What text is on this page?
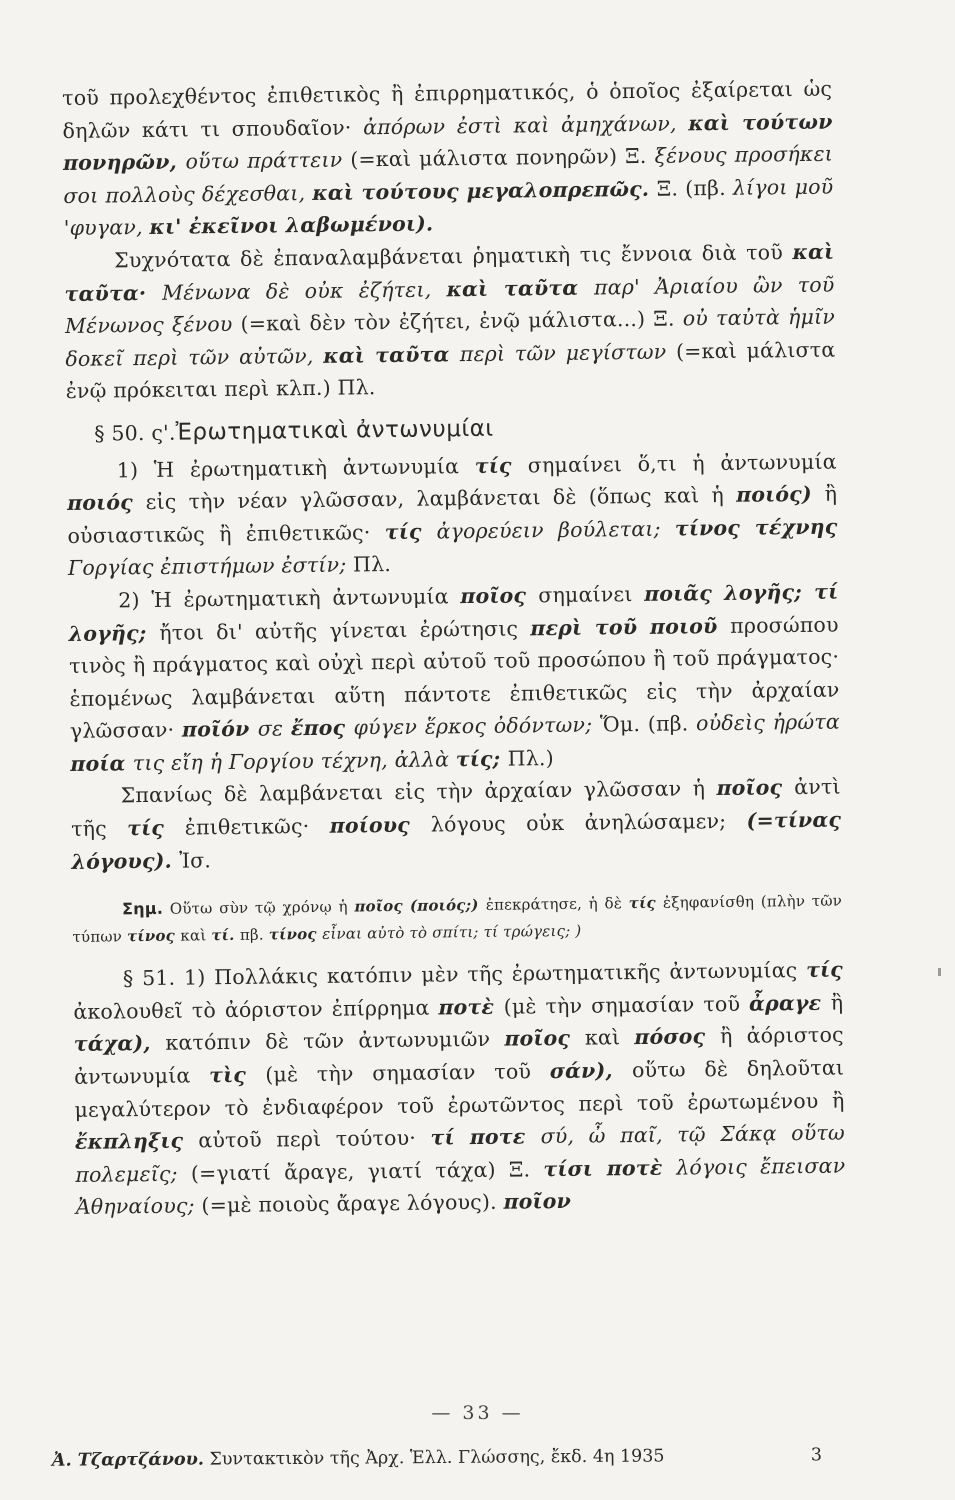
τοῦ προλεχθέντος ἐπιθετικὸς ἢ ἐπιρρηματικός, ὁ ὁποῖος ἐξαίρεται ὡς δηλῶν κάτι τι σπουδαῖον· ἀπόρων ἐστὶ καὶ ἀμηχάνων, καὶ τούτων πονηρῶν, οὕτω πράττειν (=καὶ μάλιστα πονηρῶν) Ξ. ξένους προσήκει σοι πολλοὺς δέχεσθαι, καὶ τούτους μεγαλοπρεπῶς. Ξ. (πβ. λίγοι μοῦ 'φυγαν, κι' ἐκεῖνοι λαβωμένοι).

Συχνότατα δὲ ἐπαναλαμβάνεται ῥηματικὴ τις ἔννοια διὰ τοῦ καὶ ταῦτα· Μένωνα δὲ οὐκ ἐζήτει, καὶ ταῦτα παρ' Ἀριαίου ὢν τοῦ Μένωνος ξένου (=καὶ δὲν τὸν ἐζήτει, ἐνῷ μάλιστα...) Ξ. οὐ ταὐτὰ ἡμῖν δοκεῖ περὶ τῶν αὐτῶν, καὶ ταῦτα περὶ τῶν μεγίστων (=καὶ μάλιστα ἐνῷ πρόκειται περὶ κλπ.) Πλ.

§ 50. ς'.Ἐρωτηματικαὶ ἀντωνυμίαι

1) Ἡ ἐρωτηματικὴ ἀντωνυμία τίς σημαίνει ὅ,τι ἡ ἀντωνυμία ποιός εἰς τὴν νέαν γλῶσσαν, λαμβάνεται δὲ (ὅπως καὶ ἡ ποιός) ἢ οὐσιαστικῶς ἢ ἐπιθετικῶς· τίς ἀγορεύειν βούλεται; τίνος τέχνης Γοργίας ἐπιστήμων ἐστίν; Πλ.

2) Ἡ ἐρωτηματικὴ ἀντωνυμία ποῖος σημαίνει ποιᾶς λογῆς; τί λογῆς; ἤτοι δι' αὐτῆς γίνεται ἐρώτησις περὶ τοῦ ποιοῦ προσώπου τινὸς ἢ πράγματος καὶ οὐχὶ περὶ αὐτοῦ τοῦ προσώπου ἢ τοῦ πράγματος· ἑπομένως λαμβάνεται αὕτη πάντοτε ἐπιθετικῶς εἰς τὴν ἀρχαίαν γλῶσσαν· ποῖόν σε ἔπος φύγεν ἕρκος ὀδόντων; Ὅμ. (πβ. οὐδεὶς ἠρώτα ποία τις εἴη ἡ Γοργίου τέχνη, ἀλλὰ τίς; Πλ.)

Σπανίως δὲ λαμβάνεται εἰς τὴν ἀρχαίαν γλῶσσαν ἡ ποῖος ἀντὶ τῆς τίς ἐπιθετικῶς· ποίους λόγους οὐκ ἀνηλώσαμεν; (=τίνας λόγους). Ἰσ.

Σημ. Οὕτω σὺν τῷ χρόνῳ ἡ ποῖος (ποιός;) ἐπεκράτησε, ἡ δὲ τίς ἐξηφανίσθη (πλὴν τῶν τύπων τίνος καὶ τί. πβ. τίνος εἶναι αὐτὸ τὸ σπίτι; τί τρώγεις; )

§ 51. 1) Πολλάκις κατόπιν μὲν τῆς ἐρωτηματικῆς ἀντωνυμίας τίς ἀκολουθεῖ τὸ ἀόριστον ἐπίρρημα ποτὲ (μὲ τὴν σημασίαν τοῦ ἆραγε ἢ τάχα), κατόπιν δὲ τῶν ἀντωνυμιῶν ποῖος καὶ πόσος ἢ ἀόριστος ἀντωνυμία τὶς (μὲ τὴν σημασίαν τοῦ σάν), οὕτω δὲ δηλοῦται μεγαλύτερον τὸ ἐνδιαφέρον τοῦ ἐρωτῶντος περὶ τοῦ ἐρωτωμένου ἢ ἔκπληξις αὐτοῦ περὶ τούτου· τί ποτε σύ, ὦ παῖ, τῷ Σάκᾳ οὕτω πολεμεῖς; (=γιατί ἄραγε, γιατί τάχα) Ξ. τίσι ποτὲ λόγοις ἔπεισαν Ἀθηναίους; (=μὲ ποιοὺς ἄραγε λόγους). ποῖον

— 33 —
Ἀ. Τζαρτζάνου. Συντακτικὸν τῆς Ἀρχ. Ἑλλ. Γλώσσης, ἔκδ. 4η 1935	3
